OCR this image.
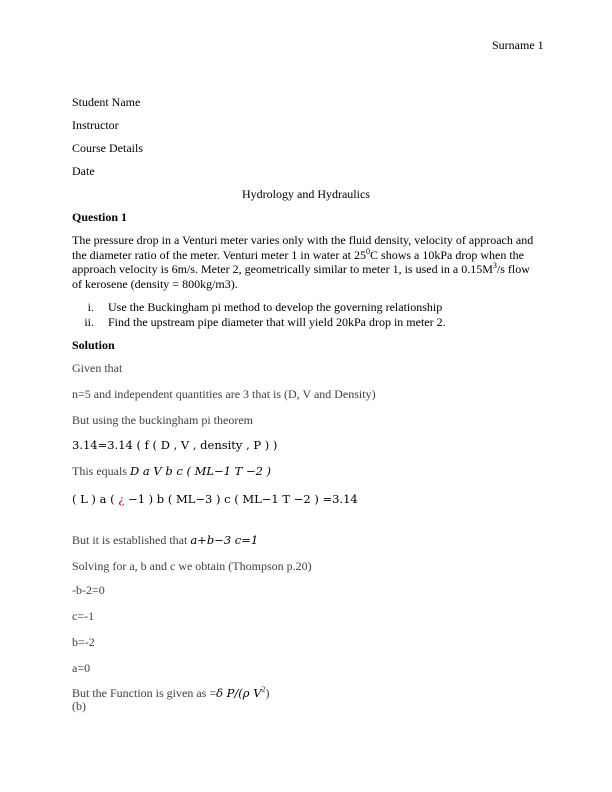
Surname 1
Student Name
Instructor
Course Details
Date
Hydrology and Hydraulics
Question 1
The pressure drop in a Venturi meter varies only with the fluid density, velocity of approach and the diameter ratio of the meter. Venturi meter 1 in water at $25^0C$ shows a 10kPa drop when the approach velocity is 6m/s. Meter 2, geometrically similar to meter 1, is used in a $0.15M^3/s$ flow of kerosene (density = 800kg/m3).
i. Use the Buckingham pi method to develop the governing relationship
ii. Find the upstream pipe diameter that will yield 20kPa drop in meter 2.
Solution
Given that
n=5 and independent quantities are 3 that is (D, V and Density)
But using the buckingham pi theorem
3.14=3.14 ( f ( D , V , density , P ) )
This equals D a V b c ( ML−1 T −2 )
( L ) a ( ¿ −1 ) b ( ML−3 ) c ( ML−1 T −2 ) =3.14
But it is established that a+b−3 c=1
Solving for a, b and c we obtain (Thompson p.20)
-b-2=0
c=-1
b=-2
a=0
But the Function is given as =δ P/(ρ $V^2$)
(b)
